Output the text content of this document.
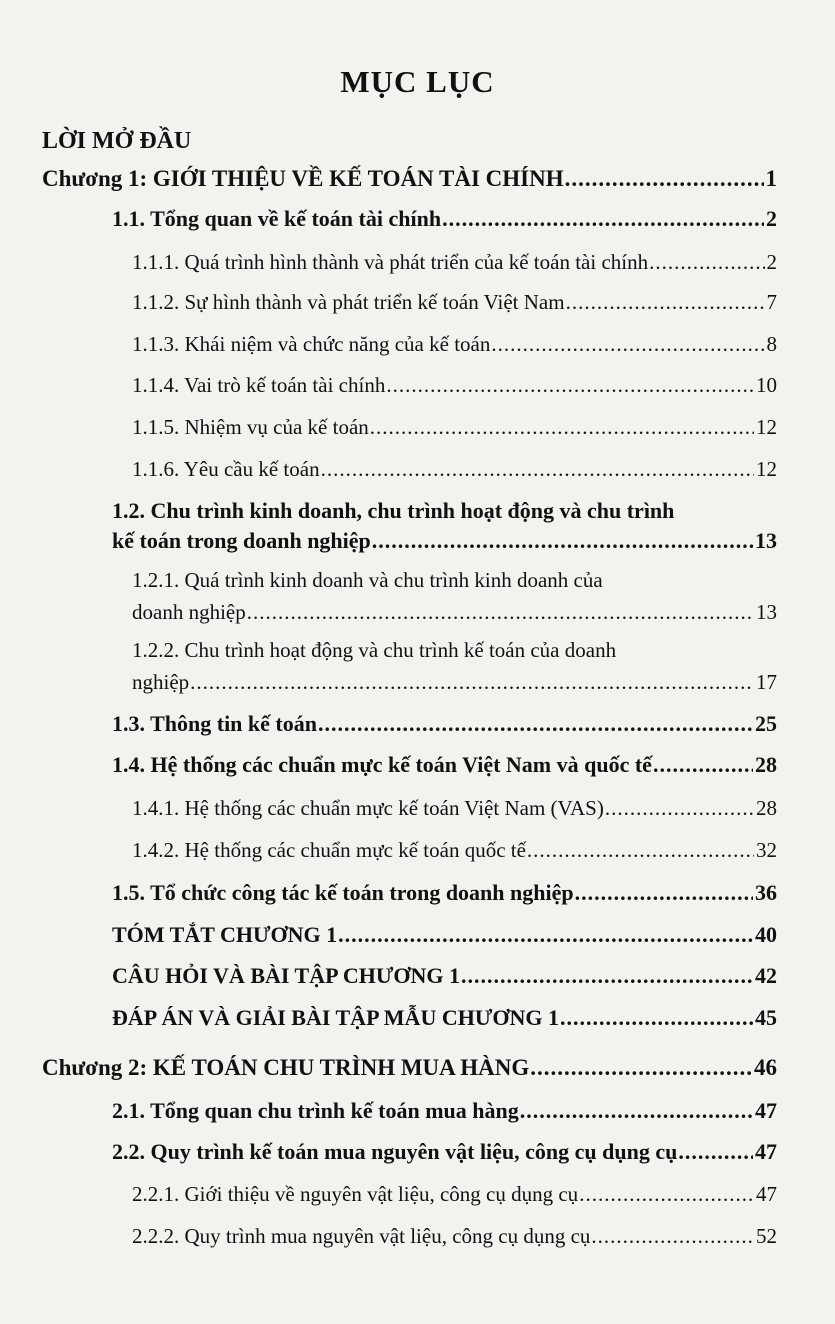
MỤC LỤC
LỜI MỞ ĐẦU
Chương 1: GIỚI THIỆU VỀ KẾ TOÁN TÀI CHÍNH .....	1
1.1. Tổng quan về kế toán tài chính .....	2
1.1.1. Quá trình hình thành và phát triển của kế toán tài chính .....	2
1.1.2. Sự hình thành và phát triển kế toán Việt Nam .....	7
1.1.3. Khái niệm và chức năng của kế toán .....	8
1.1.4. Vai trò kế toán tài chính .....	10
1.1.5. Nhiệm vụ của kế toán .....	12
1.1.6. Yêu cầu kế toán .....	12
1.2. Chu trình kinh doanh, chu trình hoạt động và chu trình
kế toán trong doanh nghiệp .....	13
1.2.1. Quá trình kinh doanh và chu trình kinh doanh của
doanh nghiệp .....	13
1.2.2. Chu trình hoạt động và chu trình kế toán của doanh
nghiệp .....	17
1.3. Thông tin kế toán .....	25
1.4. Hệ thống các chuẩn mực kế toán Việt Nam và quốc tế .....	28
1.4.1. Hệ thống các chuẩn mực kế toán Việt Nam (VAS) .....	28
1.4.2. Hệ thống các chuẩn mực kế toán quốc tế .....	32
1.5. Tổ chức công tác kế toán trong doanh nghiệp .....	36
TÓM TẮT CHƯƠNG 1 .....	40
CÂU HỎI VÀ BÀI TẬP CHƯƠNG 1 .....	42
ĐÁP ÁN VÀ GIẢI BÀI TẬP MẪU CHƯƠNG 1 .....	45
Chương 2: KẾ TOÁN CHU TRÌNH MUA HÀNG .....	46
2.1. Tổng quan chu trình kế toán mua hàng .....	47
2.2. Quy trình kế toán mua nguyên vật liệu, công cụ dụng cụ .....	47
2.2.1. Giới thiệu về nguyên vật liệu, công cụ dụng cụ .....	47
2.2.2. Quy trình mua nguyên vật liệu, công cụ dụng cụ .....	52
